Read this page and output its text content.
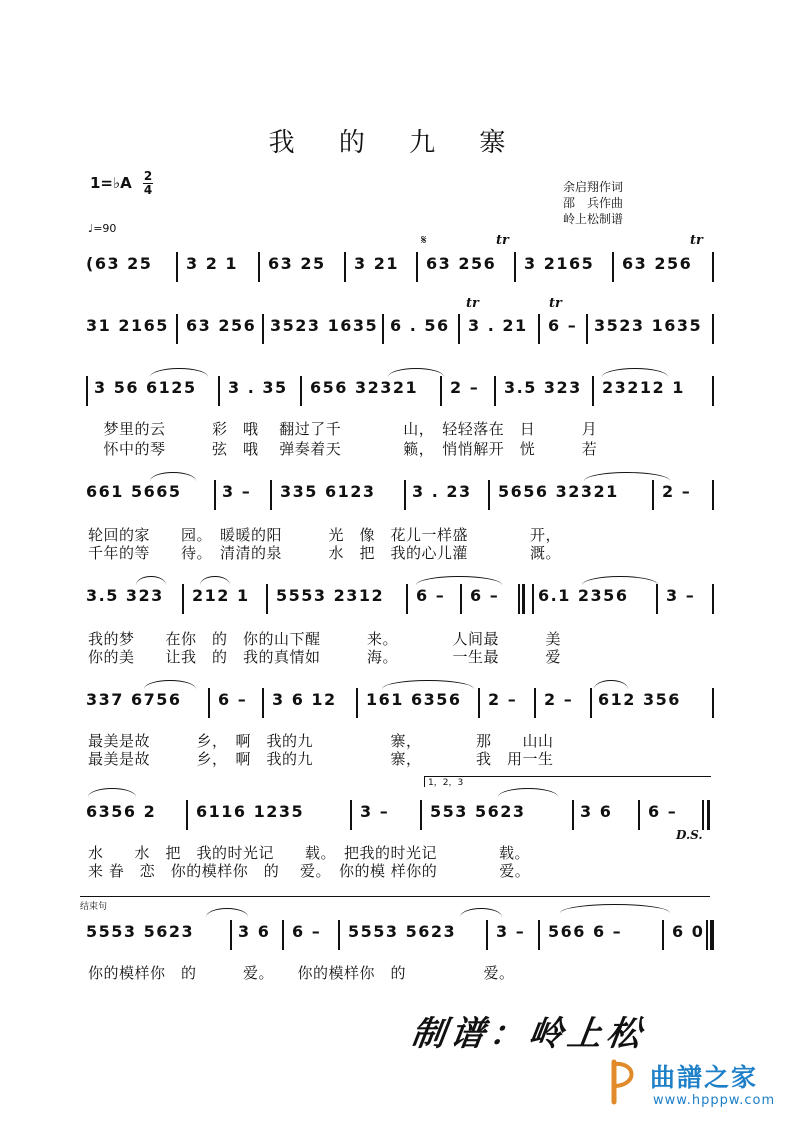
我 的 九 寨
1=♭A 2
4
♩=90
余启翔作词
邵　兵作曲
岭上松制谱
𝄋	tr	tr
tr	tr
(63 25 3 2 1 63 25 3 21 63 256 3 2165 63 256
31 2165 63 256 3523 1635 6 . 56 3 . 21 6 – 3523 1635
3 56 6125 3 . 35 656 32321 2 – 3.5 323 23212 1
　梦里的云　　　彩　哦　 翻过了千　　　　山，　轻轻落在　日　　　月
　怀中的琴　　　弦　哦　 弹奏着天　　　　籁，　悄悄解开　恍　　　若
661 5665	3 – 335 6123 3 . 23 5656 32321	2 –
轮回的家　　园。　暖暖的阳　　　光　像　花儿一样盛　　　　开，
千年的等　　待。　清清的泉　　　水　把　我的心儿灌　　　　溉。
3.5 323 212 1 5553 2312 6 – 6 – 6.1 2356 3 –
我的梦　　在你　的　你的山下醒　　　来。　　　　人间最　　　美
你的美　　让我　的　我的真情如　　　海。　　　　一生最　　　爱
337 6756 6 – 3 6 12 161 6356 2 – 2 – 612 356
最美是故　　　乡，　啊　我的九　　　　　寨，　　　　那　　山山
最美是故　　　乡，　啊　我的九　　　　　寨，　　　　我　用一生
1，2，3
6356 2 6116 1235	3 –	553 5623	3 6 6 –
D.S.
水　　水　把　我的时光记　　载。　把我的时光记　　　　载。
来 眷　恋　你的模样你　的　 爱。　你的模 样你的　　　　爱。
结束句
5553 5623	3 6 6 – 5553 5623 3 – 566 6 –	6 0
你的模样你　的　　　爱。　　你的模样你　的　　　　　爱。
制谱：岭上松
曲譜之家
www.hpppw.com
